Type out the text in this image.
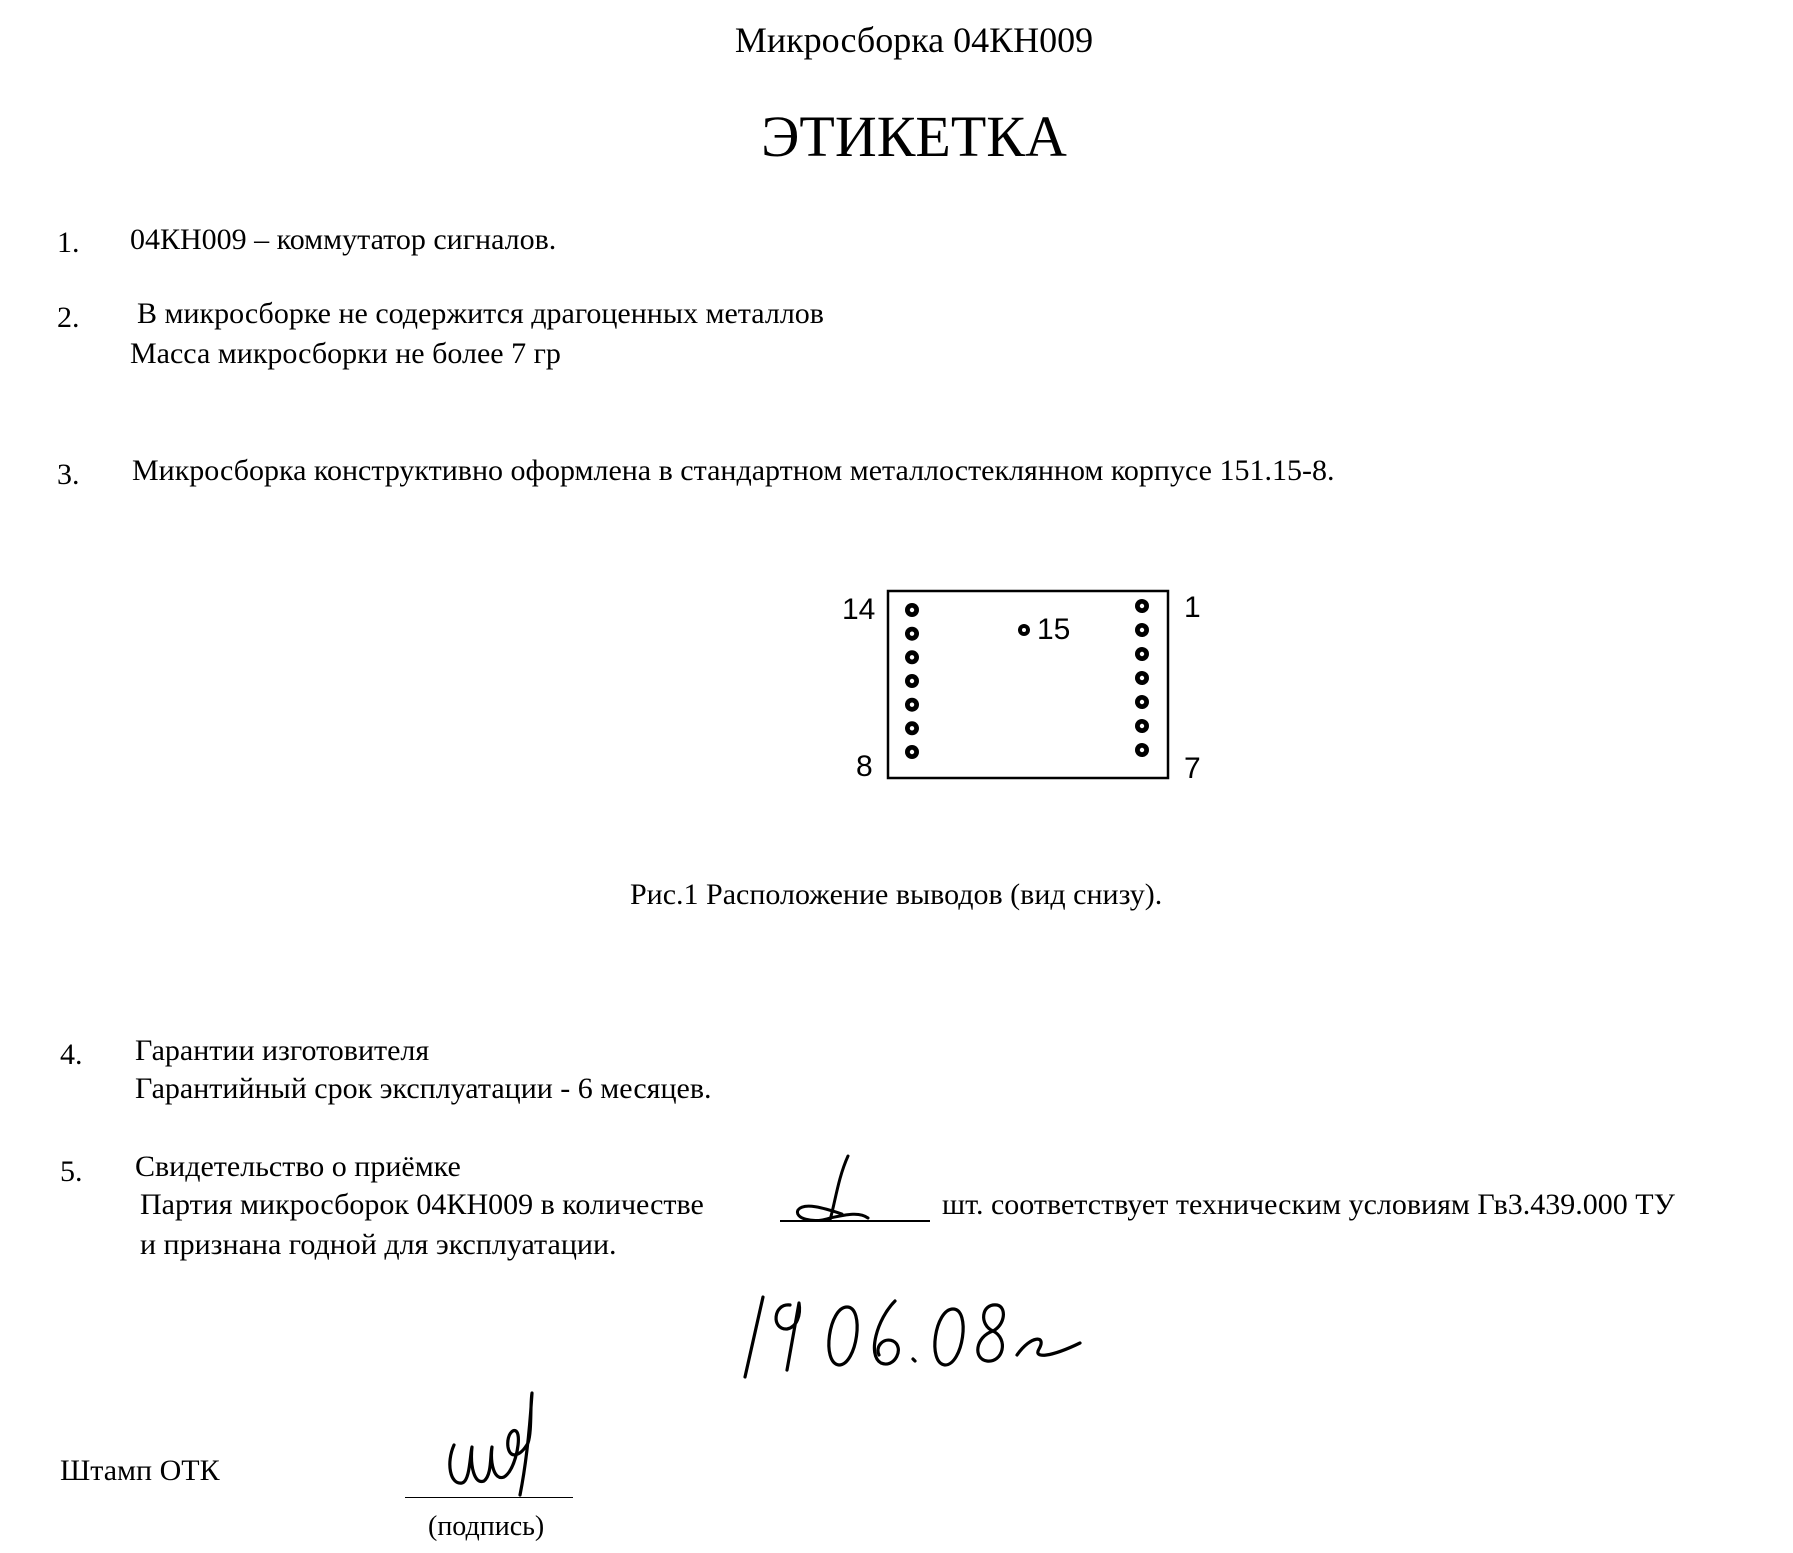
Микросборка 04КН009
ЭТИКЕТКА
1. 04КН009 – коммутатор сигналов.
2. В микросборке не содержится драгоценных металлов
Масса микросборки не более 7 гр
3. Микросборка конструктивно оформлена в стандартном металлостеклянном корпусе 151.15-8.
14	1
8	7
15
Рис.1 Расположение выводов (вид снизу).
4. Гарантии изготовителя
Гарантийный срок эксплуатации - 6 месяцев.
5. Свидетельство о приёмке
Партия микросборок 04КН009 в количестве	шт. соответствует техническим условиям Гв3.439.000 ТУ
и признана годной для эксплуатации.
Штамп ОТК
(подпись)
